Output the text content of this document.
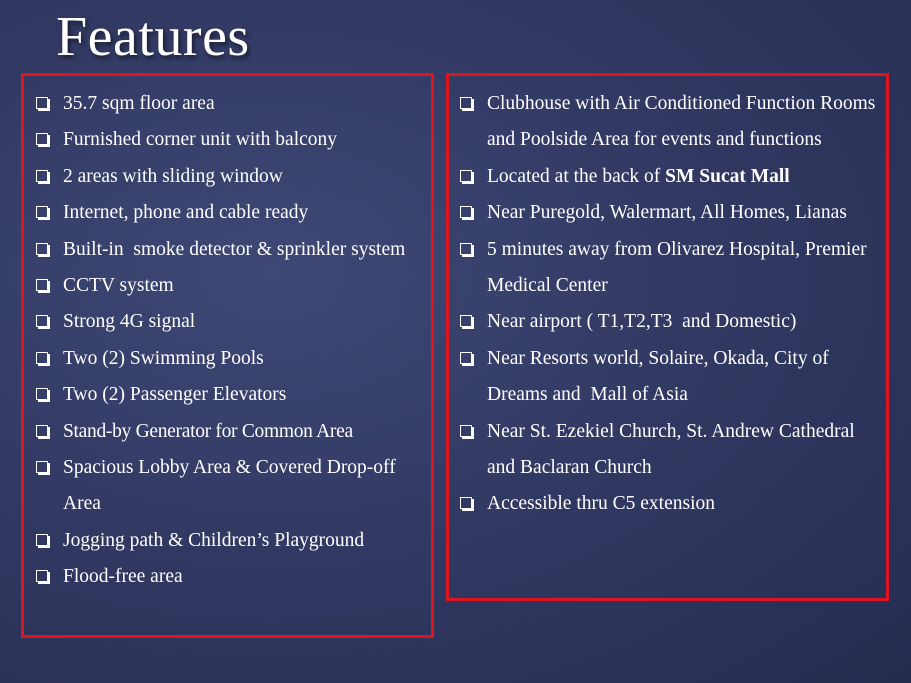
Features
35.7 sqm floor area
Furnished corner unit with balcony
2 areas with sliding window
Internet, phone and cable ready
Built-in  smoke detector & sprinkler system
CCTV system
Strong 4G signal
Two (2) Swimming Pools
Two (2) Passenger Elevators
Stand-by Generator for Common Area
Spacious Lobby Area & Covered Drop-off Area
Jogging path & Children’s Playground
Flood-free area
Clubhouse with Air Conditioned Function Rooms and Poolside Area for events and functions
Located at the back of SM Sucat Mall
Near Puregold, Walermart, All Homes, Lianas
5 minutes away from Olivarez Hospital, Premier Medical Center
Near airport ( T1,T2,T3  and Domestic)
Near Resorts world, Solaire, Okada, City of Dreams and  Mall of Asia
Near St. Ezekiel Church, St. Andrew Cathedral and Baclaran Church
Accessible thru C5 extension
